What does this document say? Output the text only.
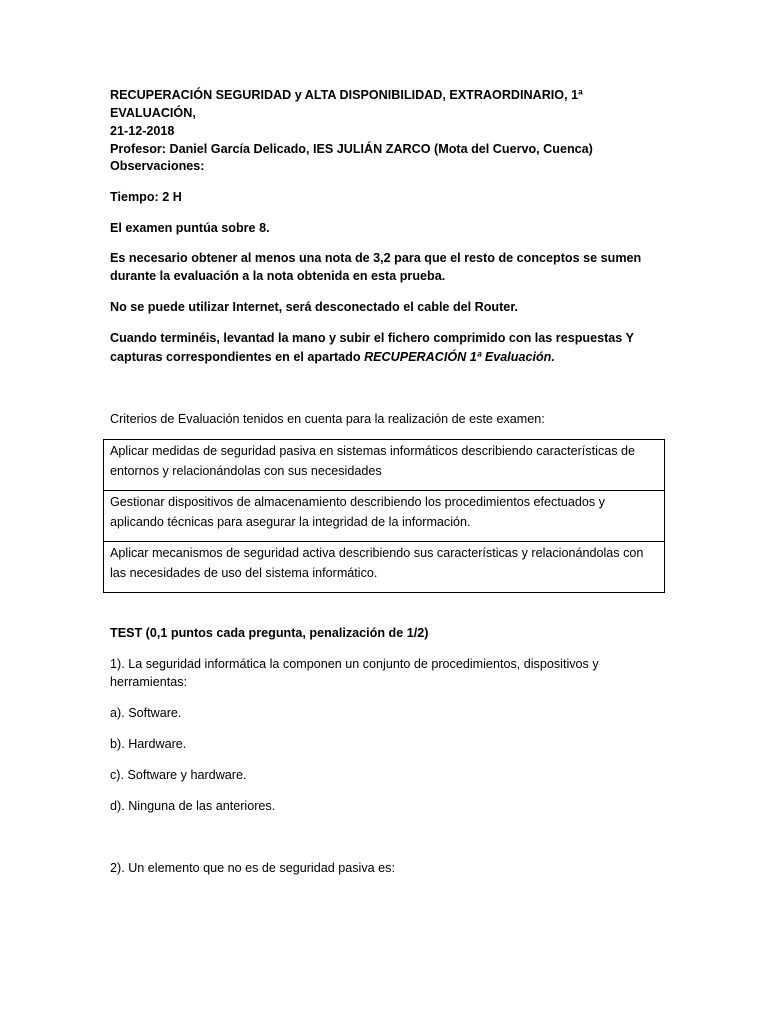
RECUPERACIÓN SEGURIDAD y ALTA DISPONIBILIDAD, EXTRAORDINARIO, 1ª
EVALUACIÓN,
21-12-2018
Profesor: Daniel García Delicado, IES JULIÁN ZARCO (Mota del Cuervo, Cuenca)
Observaciones:
Tiempo: 2 H
El examen puntúa sobre 8.
Es necesario obtener al menos una nota de 3,2 para que el resto de conceptos se sumen
durante la evaluación a la nota obtenida en esta prueba.
No se puede utilizar Internet, será desconectado el cable del Router.
Cuando terminéis, levantad la mano y subir el fichero comprimido con las respuestas Y
capturas correspondientes en el apartado RECUPERACIÓN 1ª Evaluación.
Criterios de Evaluación tenidos en cuenta para la realización de este examen:
Aplicar medidas de seguridad pasiva en sistemas informáticos describiendo características de
entornos y relacionándolas con sus necesidades

Gestionar dispositivos de almacenamiento describiendo los procedimientos efectuados y
aplicando técnicas para asegurar la integridad de la información.

Aplicar mecanismos de seguridad activa describiendo sus características y relacionándolas con
las necesidades de uso del sistema informático.
TEST (0,1 puntos cada pregunta, penalización de 1/2)
1). La seguridad informática la componen un conjunto de procedimientos, dispositivos y
herramientas:
a). Software.
b). Hardware.
c). Software y hardware.
d). Ninguna de las anteriores.
2). Un elemento que no es de seguridad pasiva es:
